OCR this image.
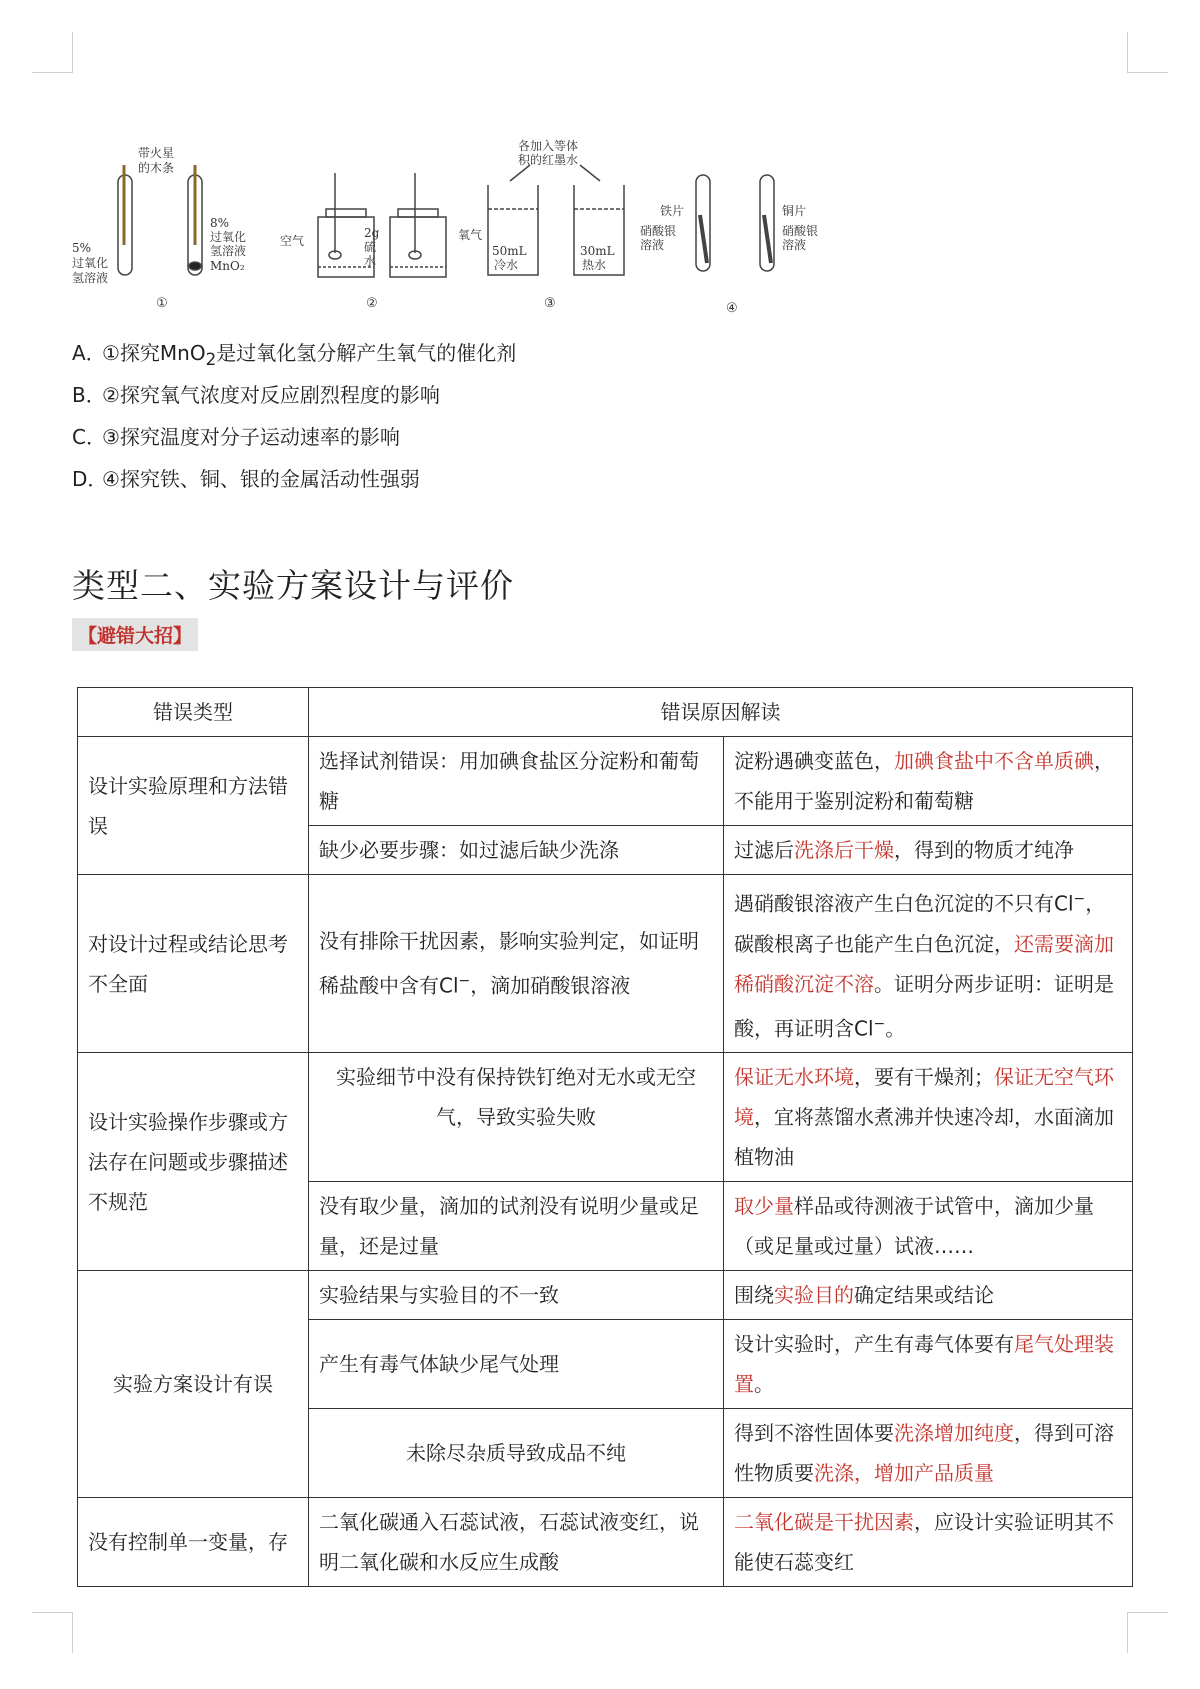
5%
过氧化
氢溶液
带火星
的木条
8%
过氧化
氢溶液
MnO₂
①
空气
2g
硫
水
氧气
②
各加入等体
积的红墨水
50mL
冷水
30mL
热水
③
铁片
硝酸银
溶液
铜片
硝酸银
溶液
④
A．①探究MnO$_2$是过氧化氢分解产生氧气的催化剂
B．②探究氧气浓度对反应剧烈程度的影响
C．③探究温度对分子运动速率的影响
D．④探究铁、铜、银的金属活动性强弱
类型二、实验方案设计与评价
【避错大招】
错误类型	错误原因解读	
设计实验原理和方法错误	选择试剂错误：用加碘食盐区分淀粉和葡萄糖	淀粉遇碘变蓝色，加碘食盐中不含单质碘，不能用于鉴别淀粉和葡萄糖
	缺少必要步骤：如过滤后缺少洗涤	过滤后洗涤后干燥，得到的物质才纯净
对设计过程或结论思考不全面	没有排除干扰因素，影响实验判定，如证明稀盐酸中含有Cl−，滴加硝酸银溶液	遇硝酸银溶液产生白色沉淀的不只有Cl−，碳酸根离子也能产生白色沉淀，还需要滴加稀硝酸沉淀不溶。证明分两步证明：证明是酸，再证明含Cl−。
设计实验操作步骤或方法存在问题或步骤描述不规范	实验细节中没有保持铁钉绝对无水或无空气，导致实验失败	保证无水环境，要有干燥剂；保证无空气环境，宜将蒸馏水煮沸并快速冷却，水面滴加植物油
	没有取少量，滴加的试剂没有说明少量或足量，还是过量	取少量样品或待测液于试管中，滴加少量（或足量或过量）试液……
实验方案设计有误	实验结果与实验目的不一致	围绕实验目的确定结果或结论
	产生有毒气体缺少尾气处理	设计实验时，产生有毒气体要有尾气处理装置。
	未除尽杂质导致成品不纯	得到不溶性固体要洗涤增加纯度，得到可溶性物质要洗涤，增加产品质量
没有控制单一变量，存	二氧化碳通入石蕊试液，石蕊试液变红，说明二氧化碳和水反应生成酸	二氧化碳是干扰因素，应设计实验证明其不能使石蕊变红
